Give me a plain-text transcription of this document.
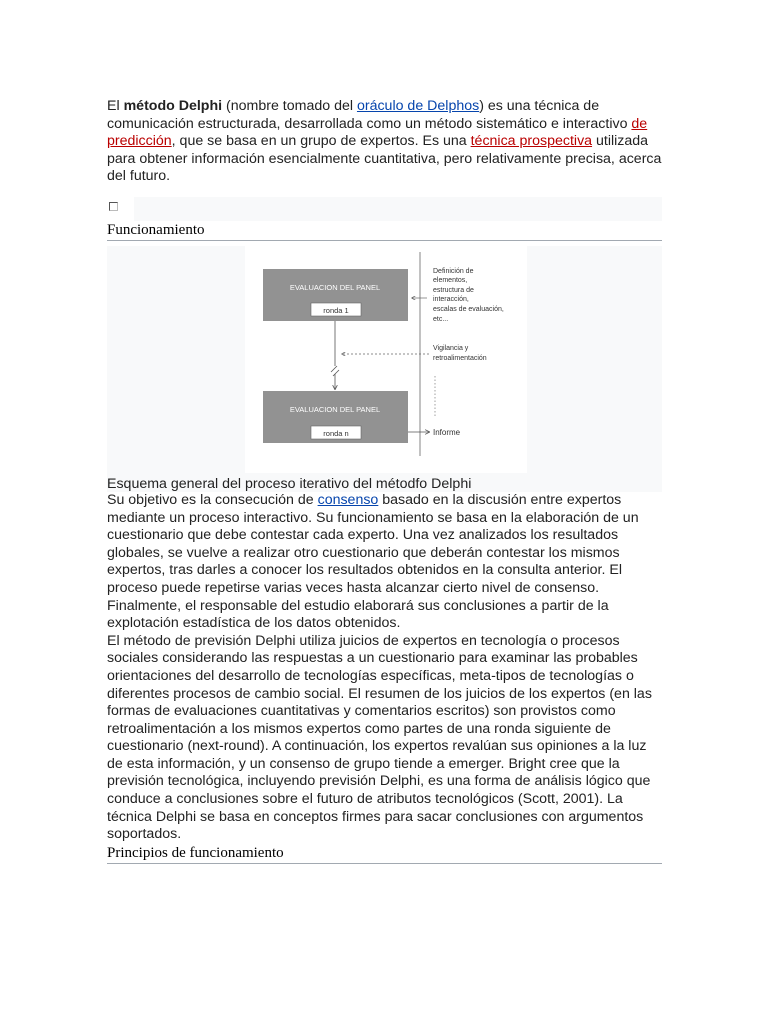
El método Delphi (nombre tomado del oráculo de Delphos) es una técnica de comunicación estructurada, desarrollada como un método sistemático e interactivo de predicción, que se basa en un grupo de expertos. Es una técnica prospectiva utilizada para obtener información esencialmente cuantitativa, pero relativamente precisa, acerca del futuro.

Funcionamiento
EVALUACION DEL PANEL
ronda 1
EVALUACION DEL PANEL
ronda n
Definición de elementos, estructura de interacción, escalas de evaluación, etc...
Vigilancia y retroalimentación
Informe
Esquema general del proceso iterativo del métodfo Delphi

Su objetivo es la consecución de consenso basado en la discusión entre expertos mediante un proceso interactivo. Su funcionamiento se basa en la elaboración de un cuestionario que debe contestar cada experto. Una vez analizados los resultados globales, se vuelve a realizar otro cuestionario que deberán contestar los mismos expertos, tras darles a conocer los resultados obtenidos en la consulta anterior. El proceso puede repetirse varias veces hasta alcanzar cierto nivel de consenso. Finalmente, el responsable del estudio elaborará sus conclusiones a partir de la explotación estadística de los datos obtenidos.

El método de previsión Delphi utiliza juicios de expertos en tecnología o procesos sociales considerando las respuestas a un cuestionario para examinar las probables orientaciones del desarrollo de tecnologías específicas, meta-tipos de tecnologías o diferentes procesos de cambio social. El resumen de los juicios de los expertos (en las formas de evaluaciones cuantitativas y comentarios escritos) son provistos como retroalimentación a los mismos expertos como partes de una ronda siguiente de cuestionario (next-round). A continuación, los expertos revalúan sus opiniones a la luz de esta información, y un consenso de grupo tiende a emerger. Bright cree que la previsión tecnológica, incluyendo previsión Delphi, es una forma de análisis lógico que conduce a conclusiones sobre el futuro de atributos tecnológicos (Scott, 2001). La técnica Delphi se basa en conceptos firmes para sacar conclusiones con argumentos soportados.

Principios de funcionamiento
